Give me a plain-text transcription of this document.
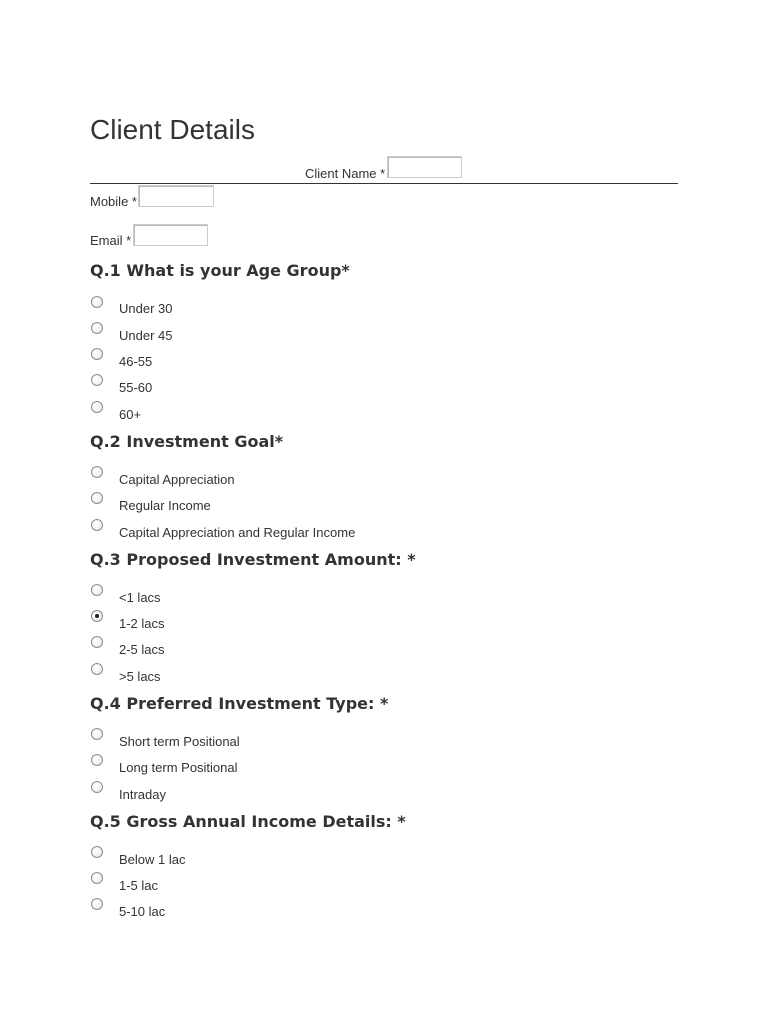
Client Details
Client Name *
Mobile *
Email *
Q.1 What is your Age Group*
Under 30
Under 45
46-55
55-60
60+
Q.2 Investment Goal*
Capital Appreciation
Regular Income
Capital Appreciation and Regular Income
Q.3 Proposed Investment Amount: *
<1 lacs
1-2 lacs
2-5 lacs
>5 lacs
Q.4 Preferred Investment Type: *
Short term Positional
Long term Positional
Intraday
Q.5 Gross Annual Income Details: *
Below 1 lac
1-5 lac
5-10 lac
